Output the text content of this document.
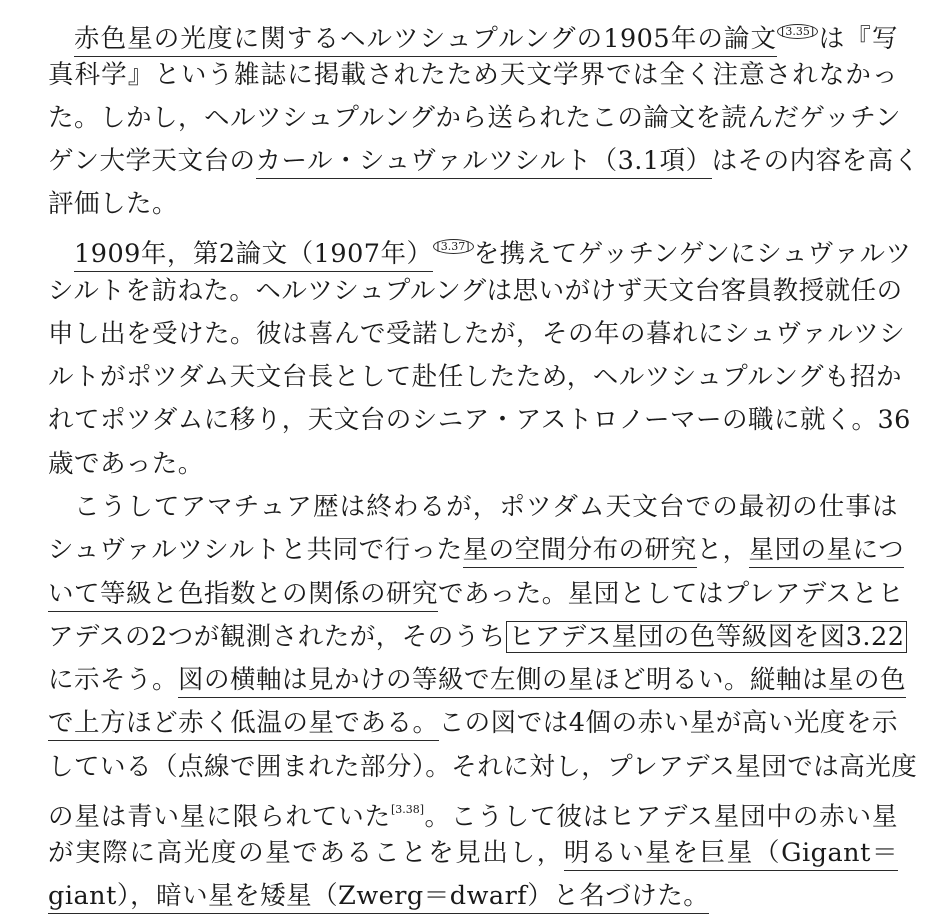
赤色星の光度に関するヘルツシュプルングの1905年の論文 [3.35] は『写
真科学』という雑誌に掲載されたため天文学界では全く注意されなかっ
た。しかし，ヘルツシュプルングから送られたこの論文を読んだゲッチン
ゲン大学天文台のカール・シュヴァルツシルト（3.1項）はその内容を高く
評価した。
1909年，第2論文（1907年） [3.37] を携えてゲッチンゲンにシュヴァルツ
シルトを訪ねた。ヘルツシュプルングは思いがけず天文台客員教授就任の
申し出を受けた。彼は喜んで受諾したが，その年の暮れにシュヴァルツシ
ルトがポツダム天文台長として赴任したため，ヘルツシュプルングも招か
れてポツダムに移り，天文台のシニア・アストロノーマーの職に就く。36
歳であった。
こうしてアマチュア歴は終わるが，ポツダム天文台での最初の仕事は
シュヴァルツシルトと共同で行った星の空間分布の研究と，星団の星につ
いて等級と色指数との関係の研究であった。星団としてはプレアデスとヒ
アデスの2つが観測されたが，そのうち ヒアデス星団の色等級図を図3.22
に示そう。図の横軸は見かけの等級で左側の星ほど明るい。縦軸は星の色
で上方ほど赤く低温の星である。この図では4個の赤い星が高い光度を示
している（点線で囲まれた部分）。それに対し，プレアデス星団では高光度
の星は青い星に限られていた[3.38]。こうして彼はヒアデス星団中の赤い星
が実際に高光度の星であることを見出し，明るい星を巨星（Gigant＝
giant），暗い星を矮星（Zwerg＝dwarf）と名づけた。
